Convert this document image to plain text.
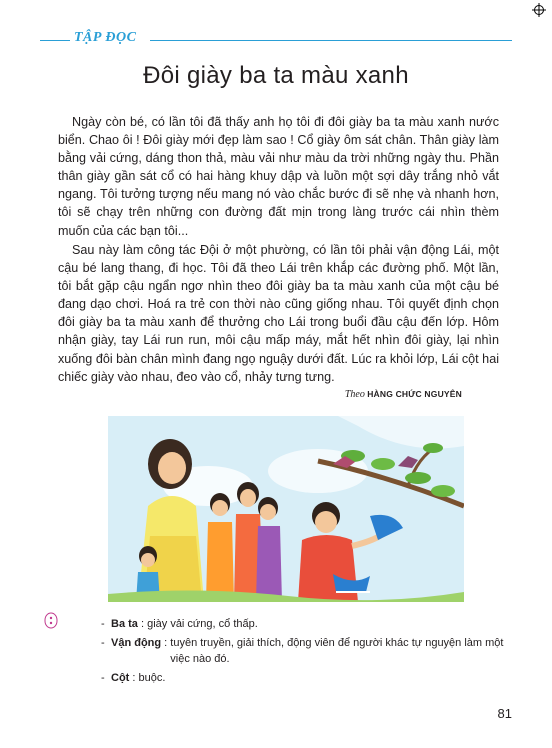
TẬP ĐỌC
Đôi giày ba ta màu xanh

Ngày còn bé, có lần tôi đã thấy anh họ tôi đi đôi giày ba ta màu xanh nước biển. Chao ôi ! Đôi giày mới đẹp làm sao ! Cổ giày ôm sát chân. Thân giày làm bằng vải cứng, dáng thon thả, màu vải như màu da trời những ngày thu. Phần thân giày gần sát cổ có hai hàng khuy dập và luồn một sợi dây trắng nhỏ vắt ngang. Tôi tưởng tượng nếu mang nó vào chắc bước đi sẽ nhẹ và nhanh hơn, tôi sẽ chạy trên những con đường đất mịn trong làng trước cái nhìn thèm muốn của các bạn tôi...

Sau này làm công tác Đội ở một phường, có lần tôi phải vận động Lái, một cậu bé lang thang, đi học. Tôi đã theo Lái trên khắp các đường phố. Một lần, tôi bắt gặp cậu ngẩn ngơ nhìn theo đôi giày ba ta màu xanh của một cậu bé đang dạo chơi. Hoá ra trẻ con thời nào cũng giống nhau. Tôi quyết định chọn đôi giày ba ta màu xanh để thưởng cho Lái trong buổi đầu cậu đến lớp. Hôm nhận giày, tay Lái run run, môi cậu mấp máy, mắt hết nhìn đôi giày, lại nhìn xuống đôi bàn chân mình đang ngọ nguậy dưới đất. Lúc ra khỏi lớp, Lái cột hai chiếc giày vào nhau, đeo vào cổ, nhảy tưng tưng.

Theo HÀNG CHỨC NGUYÊN
- Ba ta : giày vải cứng, cổ thấp.
- Vận động : tuyên truyền, giải thích, động viên để người khác tự nguyện làm một việc nào đó.
- Cột : buộc.
81
